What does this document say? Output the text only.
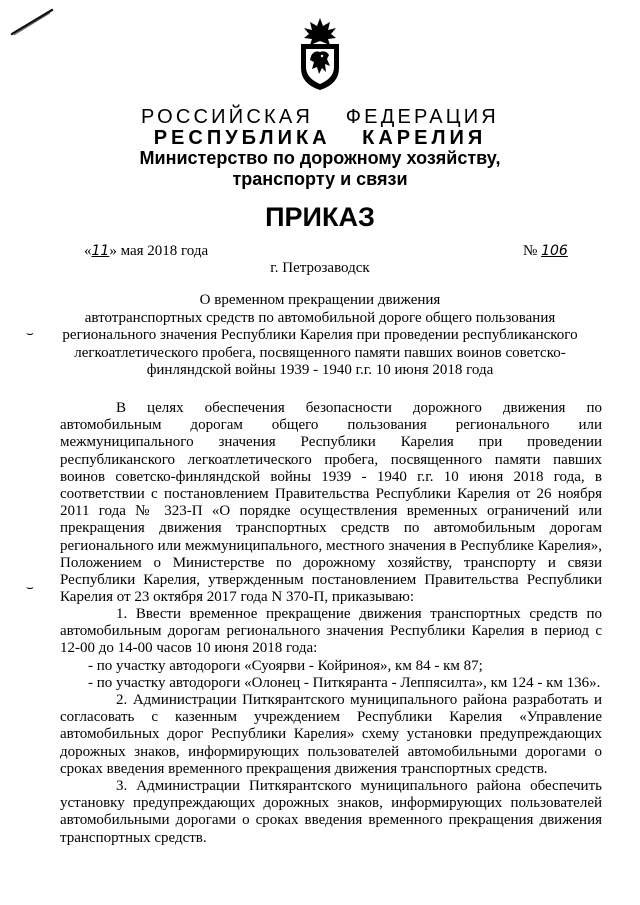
РОССИЙСКАЯ ФЕДЕРАЦИЯ
РЕСПУБЛИКА КАРЕЛИЯ
Министерство по дорожному хозяйству,
транспорту и связи
ПРИКАЗ
«11» мая 2018 года	№ 106
г. Петрозаводск
О временном прекращении движения
автотранспортных средств по автомобильной дороге общего пользования
регионального значения Республики Карелия при проведении республиканского
легкоатлетического пробега, посвященного памяти павших воинов советско-
финляндской войны 1939 - 1940 г.г. 10 июня 2018 года

В целях обеспечения безопасности дорожного движения по автомобильным дорогам общего пользования регионального или межмуниципального значения Республики Карелия при проведении республиканского легкоатлетического пробега, посвященного памяти павших воинов советско-финляндской войны 1939 - 1940 г.г. 10 июня 2018 года, в соответствии с постановлением Правительства Республики Карелия от 26 ноября 2011 года № 323-П «О порядке осуществления временных ограничений или прекращения движения транспортных средств по автомобильным дорогам регионального или межмуниципального, местного значения в Республике Карелия», Положением о Министерстве по дорожному хозяйству, транспорту и связи Республики Карелия, утвержденным постановлением Правительства Республики Карелия от 23 октября 2017 года N 370-П, приказываю:

1. Ввести временное прекращение движения транспортных средств по автомобильным дорогам регионального значения Республики Карелия в период с 12-00 до 14-00 часов 10 июня 2018 года:

- по участку автодороги «Суоярви - Койриноя», км 84 - км 87;

- по участку автодороги «Олонец - Питкяранта - Леппясилта», км 124 - км 136».

2. Администрации Питкярантского муниципального района разработать и согласовать с казенным учреждением Республики Карелия «Управление автомобильных дорог Республики Карелия» схему установки предупреждающих дорожных знаков, информирующих пользователей автомобильными дорогами о сроках введения временного прекращения движения транспортных средств.

3. Администрации Питкярантского муниципального района обеспечить установку предупреждающих дорожных знаков, информирующих пользователей автомобильными дорогами о сроках введения временного прекращения движения транспортных средств.

⌣
⌣
